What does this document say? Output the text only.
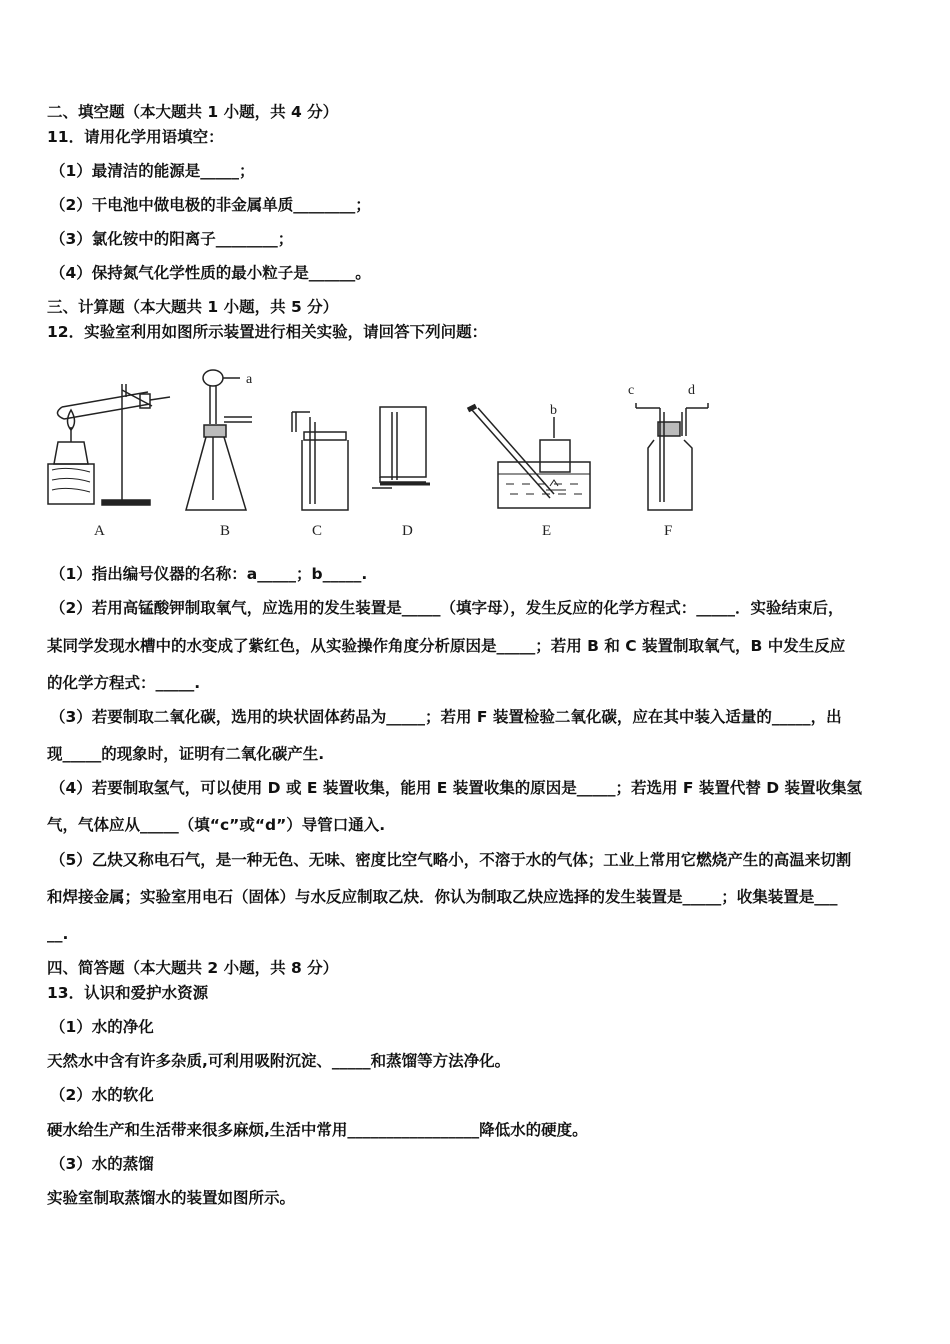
二、填空题（本大题共 1 小题，共 4 分）
11．请用化学用语填空：
（1）最清洁的能源是_____；
（2）干电池中做电极的非金属单质________；
（3）氯化铵中的阳离子________；
（4）保持氮气化学性质的最小粒子是______。
三、计算题（本大题共 1 小题，共 5 分）
12．实验室利用如图所示装置进行相关实验，请回答下列问题：
A
a
B	C	D
b
E
c	d
F
（1）指出编号仪器的名称：a_____；b_____.
（2）若用高锰酸钾制取氧气，应选用的发生装置是_____（填字母），发生反应的化学方程式：_____．实验结束后，
某同学发现水槽中的水变成了紫红色，从实验操作角度分析原因是_____；若用 B 和 C 装置制取氧气，B 中发生反应
的化学方程式：_____.
（3）若要制取二氧化碳，选用的块状固体药品为_____；若用 F 装置检验二氧化碳，应在其中装入适量的_____，出
现_____的现象时，证明有二氧化碳产生.
（4）若要制取氢气，可以使用 D 或 E 装置收集，能用 E 装置收集的原因是_____；若选用 F 装置代替 D 装置收集氢
气，气体应从_____（填“c”或“d”）导管口通入.
（5）乙炔又称电石气，是一种无色、无味、密度比空气略小，不溶于水的气体；工业上常用它燃烧产生的高温来切割
和焊接金属；实验室用电石（固体）与水反应制取乙炔．你认为制取乙炔应选择的发生装置是_____；收集装置是___
__.
四、简答题（本大题共 2 小题，共 8 分）
13．认识和爱护水资源
（1）水的净化
天然水中含有许多杂质,可利用吸附沉淀、_____和蒸馏等方法净化。
（2）水的软化
硬水给生产和生活带来很多麻烦,生活中常用_________________降低水的硬度。
（3）水的蒸馏
实验室制取蒸馏水的装置如图所示。
